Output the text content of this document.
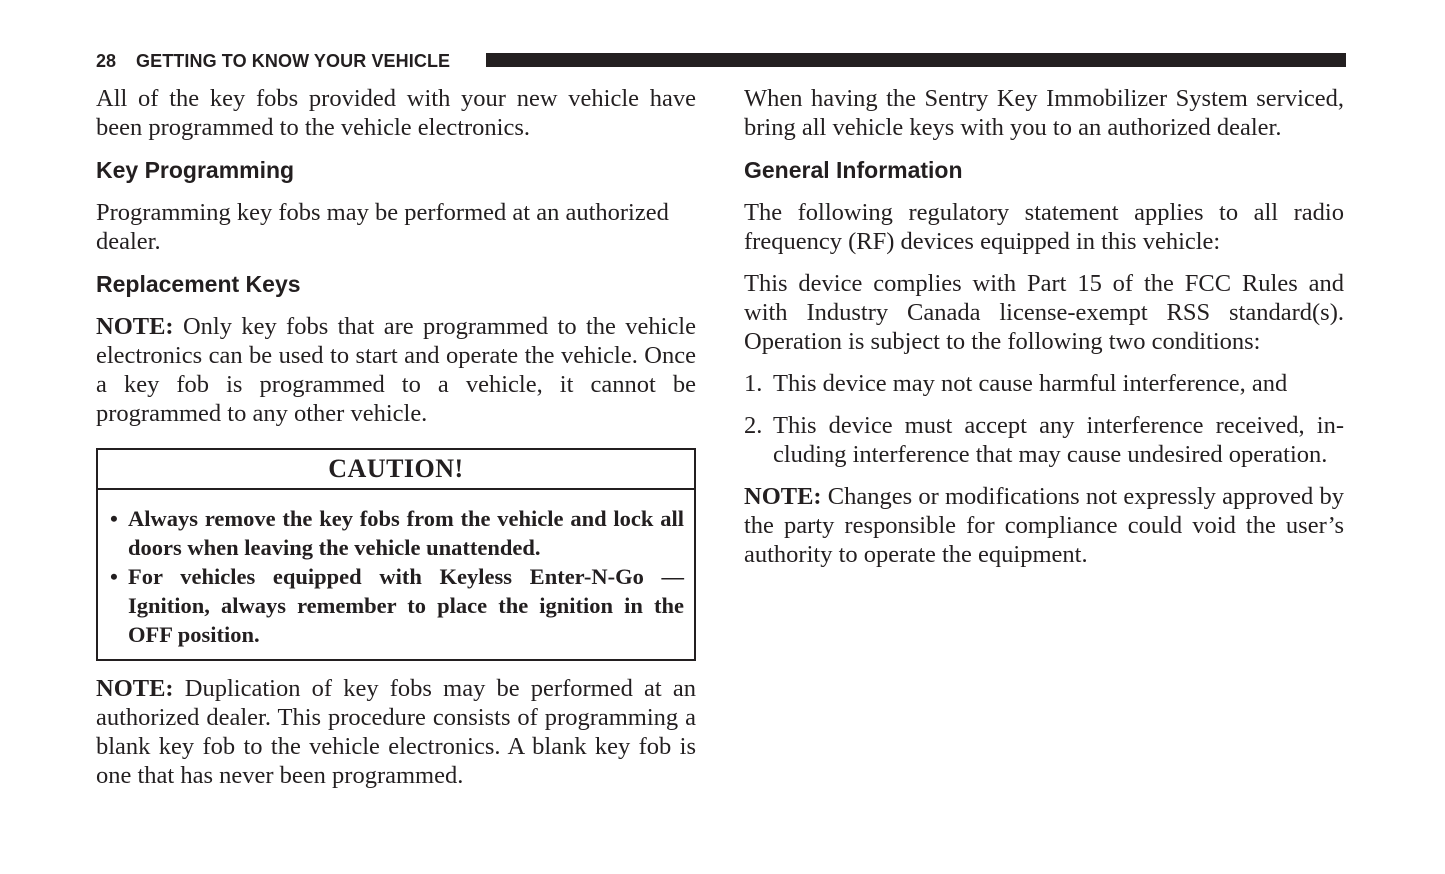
28 GETTING TO KNOW YOUR VEHICLE

All of the key fobs provided with your new vehicle have been programmed to the vehicle electronics.

Key Programming

Programming key fobs may be performed at an authorized dealer.

Replacement Keys

NOTE: Only key fobs that are programmed to the vehicle electronics can be used to start and operate the vehicle. Once a key fob is programmed to a vehicle, it cannot be programmed to any other vehicle.

CAUTION!
• Always remove the key fobs from the vehicle and lock all doors when leaving the vehicle unattended.
• For vehicles equipped with Keyless Enter-N-Go — Ignition, always remember to place the ignition in the OFF position.

NOTE: Duplication of key fobs may be performed at an authorized dealer. This procedure consists of programming a blank key fob to the vehicle electronics. A blank key fob is one that has never been programmed.

When having the Sentry Key Immobilizer System serviced, bring all vehicle keys with you to an authorized dealer.

General Information

The following regulatory statement applies to all radio frequency (RF) devices equipped in this vehicle:

This device complies with Part 15 of the FCC Rules and with Industry Canada license-exempt RSS standard(s). Operation is subject to the following two conditions:

1. This device may not cause harmful interference, and
2. This device must accept any interference received, including interference that may cause undesired operation.

NOTE: Changes or modifications not expressly approved by the party responsible for compliance could void the user’s authority to operate the equipment.
